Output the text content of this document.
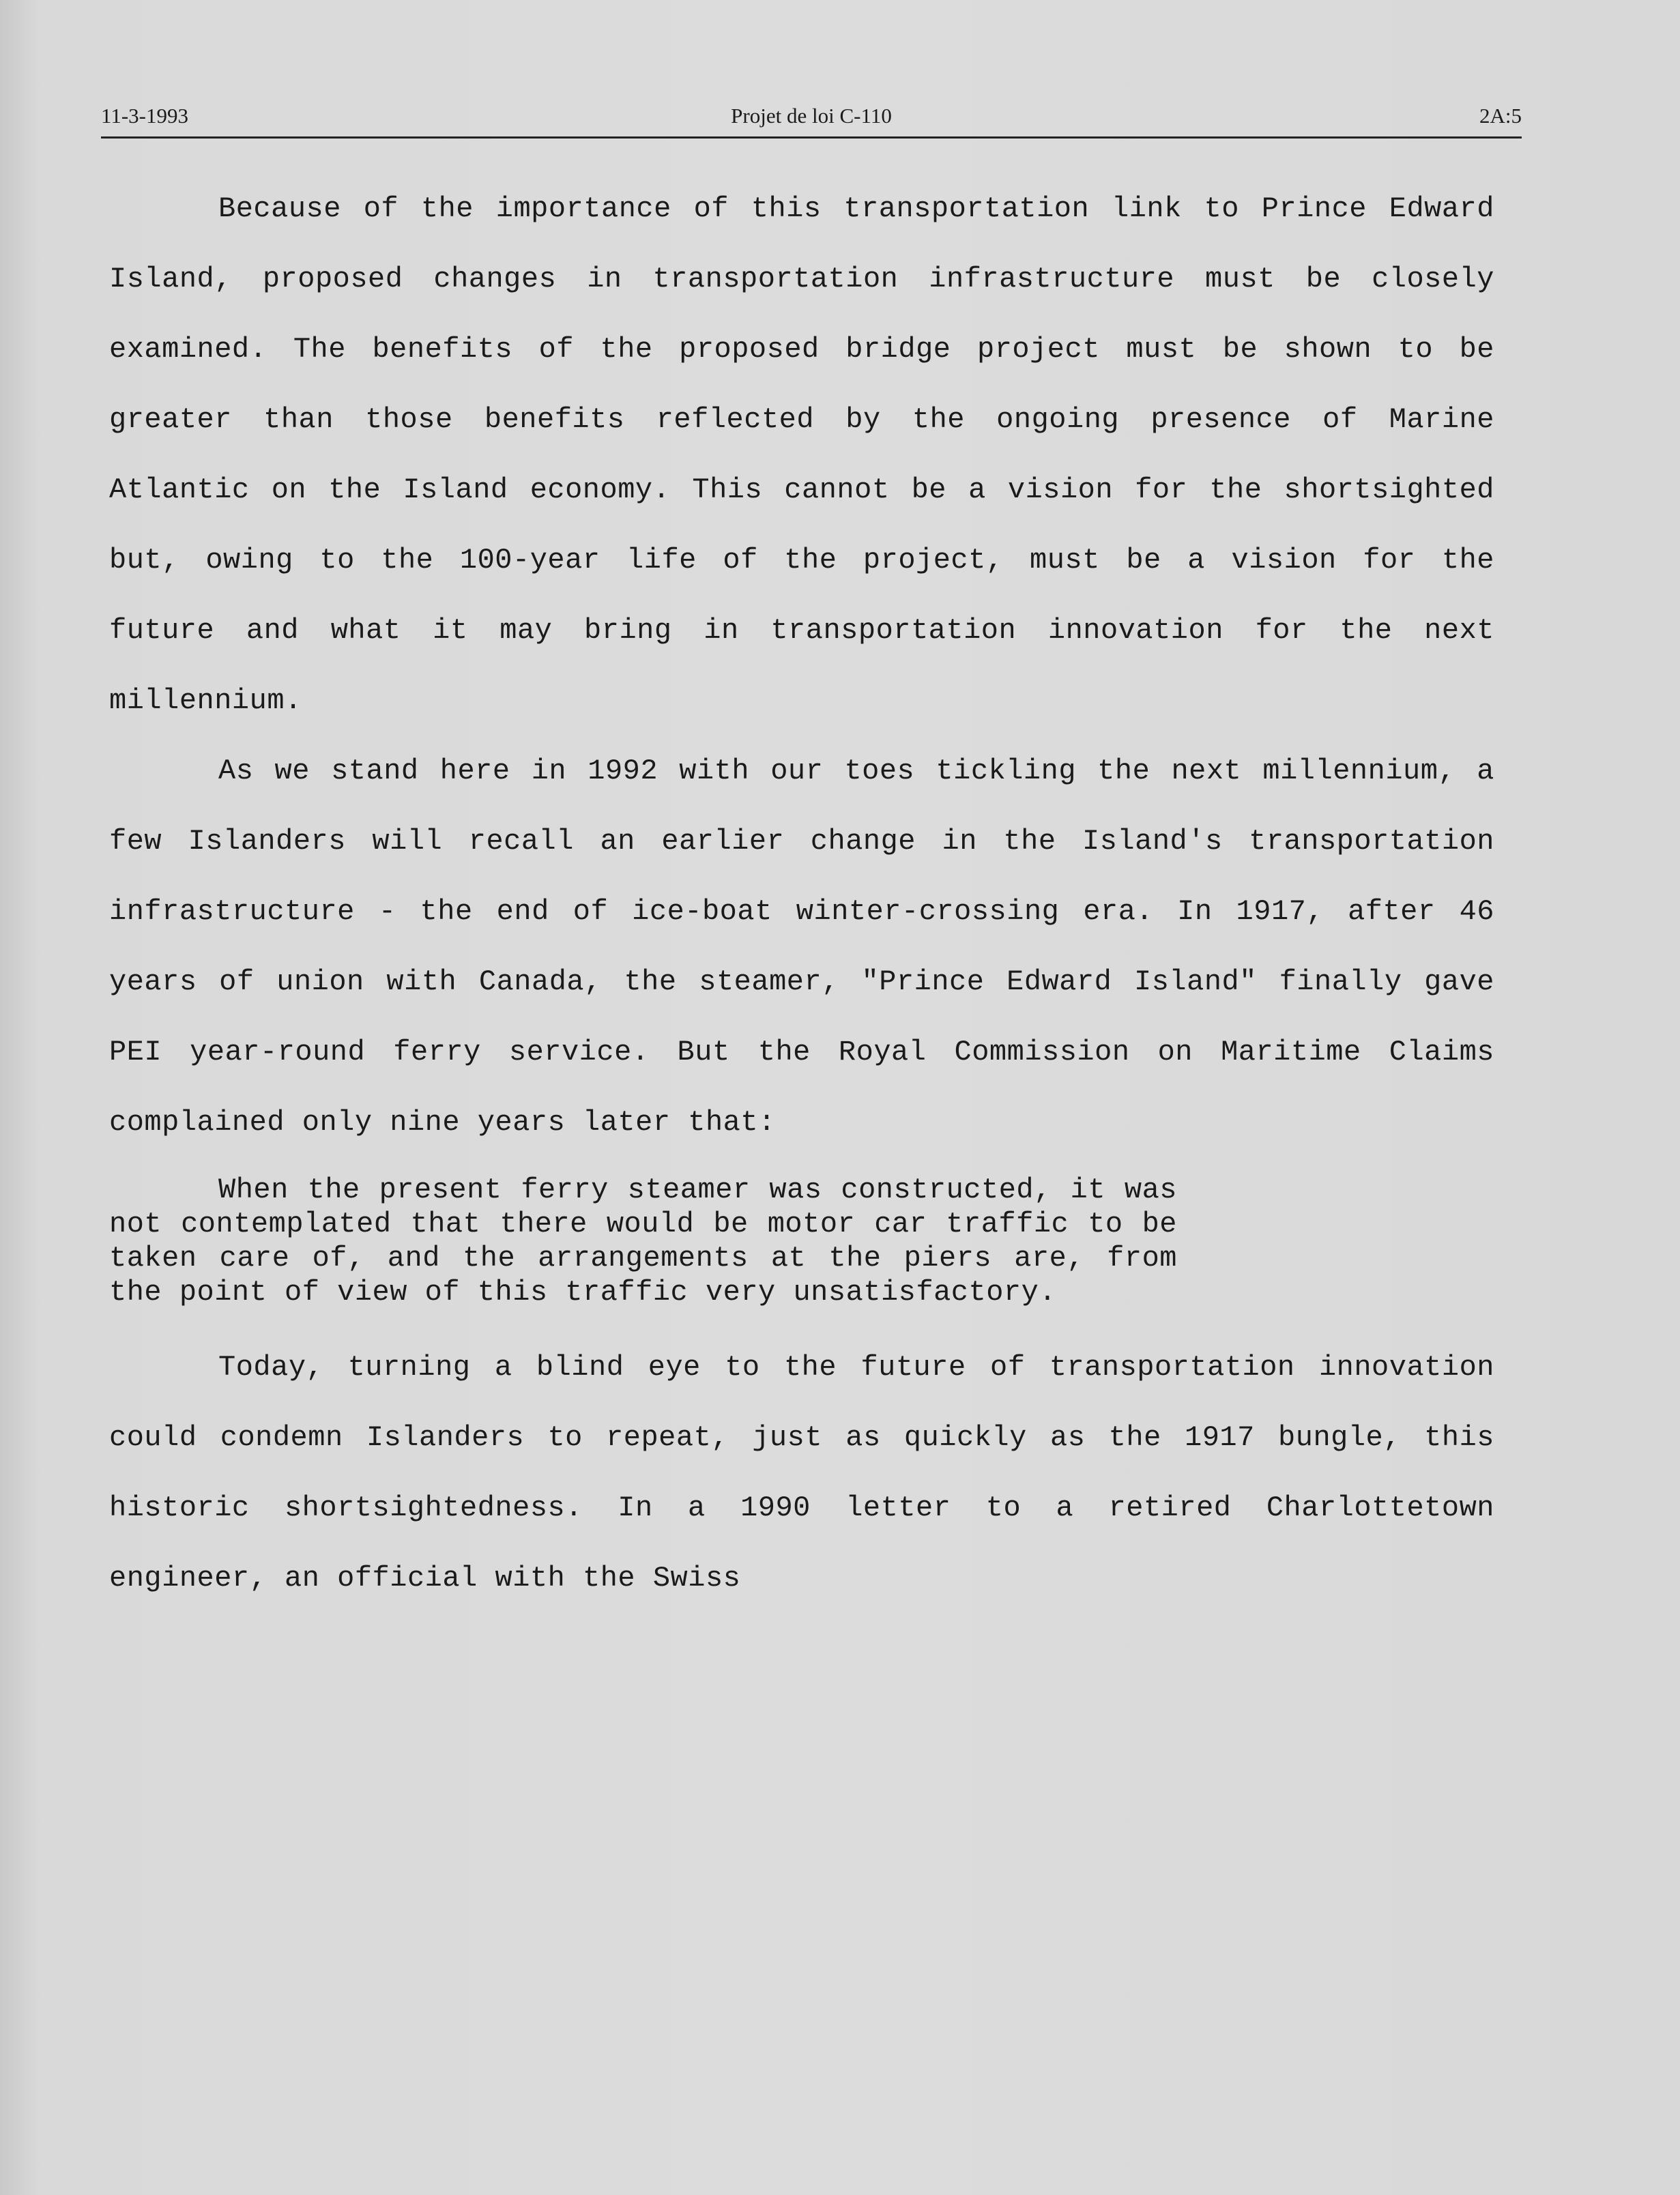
11-3-1993	Projet de loi C-110	2A:5

Because of the importance of this transportation link to Prince Edward Island, proposed changes in transportation infrastructure must be closely examined. The benefits of the proposed bridge project must be shown to be greater than those benefits reflected by the ongoing presence of Marine Atlantic on the Island economy. This cannot be a vision for the shortsighted but, owing to the 100-year life of the project, must be a vision for the future and what it may bring in transportation innovation for the next millennium.

As we stand here in 1992 with our toes tickling the next millennium, a few Islanders will recall an earlier change in the Island's transportation infrastructure - the end of ice-boat winter-crossing era. In 1917, after 46 years of union with Canada, the steamer, "Prince Edward Island" finally gave PEI year-round ferry service. But the Royal Commission on Maritime Claims complained only nine years later that:

When the present ferry steamer was constructed, it was not contemplated that there would be motor car traffic to be taken care of, and the arrangements at the piers are, from the point of view of this traffic very unsatisfactory.

Today, turning a blind eye to the future of transportation innovation could condemn Islanders to repeat, just as quickly as the 1917 bungle, this historic shortsightedness. In a 1990 letter to a retired Charlottetown engineer, an official with the Swiss
